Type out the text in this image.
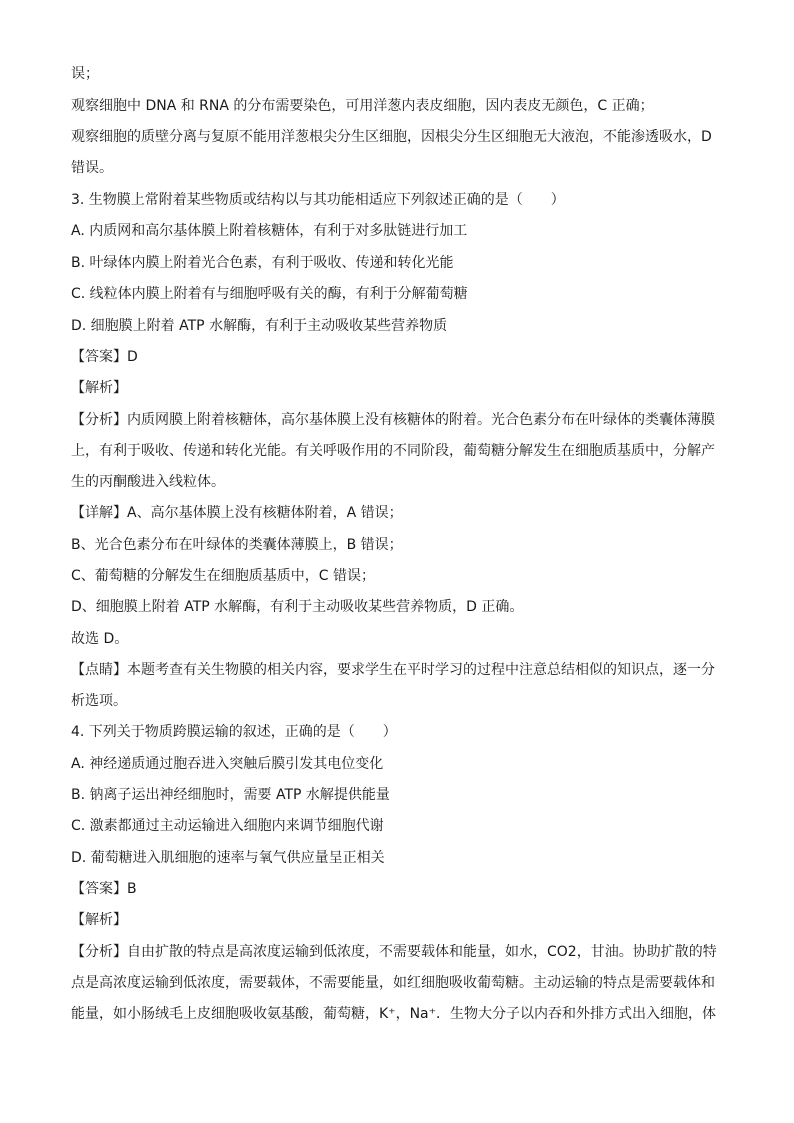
误；
观察细胞中 DNA 和 RNA 的分布需要染色，可用洋葱内表皮细胞，因内表皮无颜色，C 正确；
观察细胞的质壁分离与复原不能用洋葱根尖分生区细胞，因根尖分生区细胞无大液泡，不能渗透吸水，D
错误。
3. 生物膜上常附着某些物质或结构以与其功能相适应下列叙述正确的是（　　）
A. 内质网和高尔基体膜上附着核糖体，有利于对多肽链进行加工
B. 叶绿体内膜上附着光合色素，有利于吸收、传递和转化光能
C. 线粒体内膜上附着有与细胞呼吸有关的酶，有利于分解葡萄糖
D. 细胞膜上附着 ATP 水解酶，有利于主动吸收某些营养物质
【答案】D
【解析】
【分析】内质网膜上附着核糖体，高尔基体膜上没有核糖体的附着。光合色素分布在叶绿体的类囊体薄膜
上，有利于吸收、传递和转化光能。有关呼吸作用的不同阶段，葡萄糖分解发生在细胞质基质中，分解产
生的丙酮酸进入线粒体。
【详解】A、高尔基体膜上没有核糖体附着，A 错误；
B、光合色素分布在叶绿体的类囊体薄膜上，B 错误；
C、葡萄糖的分解发生在细胞质基质中，C 错误；
D、细胞膜上附着 ATP 水解酶，有利于主动吸收某些营养物质，D 正确。
故选 D。
【点睛】本题考查有关生物膜的相关内容，要求学生在平时学习的过程中注意总结相似的知识点，逐一分
析选项。
4. 下列关于物质跨膜运输的叙述，正确的是（　　）
A. 神经递质通过胞吞进入突触后膜引发其电位变化
B. 钠离子运出神经细胞时，需要 ATP 水解提供能量
C. 激素都通过主动运输进入细胞内来调节细胞代谢
D. 葡萄糖进入肌细胞的速率与氧气供应量呈正相关
【答案】B
【解析】
【分析】自由扩散的特点是高浓度运输到低浓度，不需要载体和能量，如水，CO2，甘油。协助扩散的特
点是高浓度运输到低浓度，需要载体，不需要能量，如红细胞吸收葡萄糖。主动运输的特点是需要载体和
能量，如小肠绒毛上皮细胞吸收氨基酸，葡萄糖，K⁺，Na⁺．生物大分子以内吞和外排方式出入细胞，体
